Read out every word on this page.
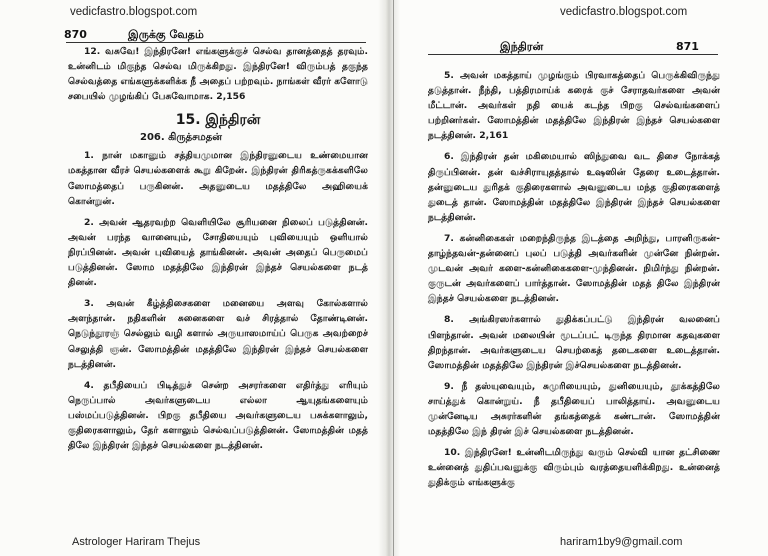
vedicfastro.blogspot.com	vedicfastro.blogspot.com
870	இருக்கு வேதம்

12. வசுவே! இந்திரனே! எங்களுக்குச் செல்வ தானத்தைத் தரவும். உன்னிடம் மிகுந்த செல்வ மிருக்கிறது. இந்திரனே! விரும்பத் தகுந்த செல்வத்தை எங்களுக்களிக்க நீ அதைப் பற்றவும். நாங்கள் வீரர் களோடு சபையில் முழங்கிப் பேசுவோமாக. 2,156

15. இந்திரன்
206. கிருத்சமதன்

1. நான் மகானும் சத்தியமுமான இந்திரனுடைய உண்மையான மகத்தான வீரச் செயல்களைக் கூறு கிறேன். இந்திரன் திரிகத்ருகக்களிலே ஸோமத்தைப் பருகினன். அதனுடைய மதத்திலே அஹியைக் கொன்றுன்.

2. அவன் ஆதரவற்ற வெளியிலே சூரியனை நிலைப் படுத்தினன். அவன் பரந்த வானையும், சோதியையும் புவியையும் ஒளியால் நிரப்பினன். அவன் புவியைத் தாங்கினன். அவன் அதைப் பெருமைப் படுத்தினன். ஸோம மதத்திலே இந்திரன் இந்தச் செயல்களை நடத் தினன்.

3. அவன் கீழ்த்திசைகளை மனையை அளவு கோல்களால் அளந்தான். நதிகளின் சுனைகளை வச் சிரத்தால் தோண்டினன். நெடுந்தூரஞ் செல்லும் வழி களால் அருயாஸமாய்ப் பெருக அவற்றைச் செலுத்தி ஞன். ஸோமத்தின் மதத்திலே இந்திரன் இந்தச் செயல்களை நடத்தினன்.

4. தபீதியைப் பிடித்துச் சென்ற அசரர்களை எதிர்த்து எரியும் நெருப்பால் அவர்களுடைய எல்லா ஆயுதங்களையும் பஸ்மப்படுத்தினன். பிறகு தபீதியை அவர்களுடைய பசுக்களாலும், குதிரைகளாலும், தேர் களாலும் செல்வப்படுத்தினன். ஸோமத்தின் மதத் திலே இந்திரன் இந்தச் செயல்களை நடத்தினன்.

இந்திரன்	871

5. அவன் மகத்தாய் முழங்கும் பிரவாகத்தைப் பெருக்கிவிருந்து தடுத்தான். நீந்தி, பத்திரமாய்க் கரைக் குச் சேராதவர்களை அவன் மீட்டான். அவர்கள் நதி யைக் கடந்த பிறகு செல்வங்களைப் பற்றினர்கள். ஸோமத்தின் மதத்திலே இந்திரன் இந்தச் செயல்களை நடத்தினன். 2,161

6. இந்திரன் தன் மகிமையால் ஸிந்துவை வட திசை நோக்கத் திருப்பினன். தன் வச்சிராயுதத்தால் உஷஸின் தேரை உடைத்தான். தன்னுடைய துரிதக் குதிரைகளால் அவனுடைய மந்த குதிரைகளைத் துடைத் தான். ஸோமத்தின் மதத்திலே இந்திரன் இந்தச் செயல்களை நடத்தினன்.

7. கன்னிகைகள் மறைந்திருந்த இடத்தை அறிந்து, பாரனிருகன்-தாழ்ந்தவன்-தன்னைப் புலப் படுத்தி அவர்களின் முன்னே நின்றன். முடவன் அவர் களை-கன்னிகைகளை-முந்தினன். நிமிர்ந்து நின்றன். குருடன் அவர்களைப் பார்த்தான். ஸோமத்தின் மதத் திலே இந்திரன் இந்தச் செயல்களை நடத்தினன்.

8. அங்கிரஸர்களால் துதிக்கப்பட்டு இந்திரன் வலனைப் பிளந்தான். அவன் மலையின் மூடப்பட் டிருந்த திரமான கதவுகளை திறந்தான். அவர்களுடைய செயற்கைத் தடைகளை உடைத்தான். ஸோமத்தின் மதத்திலே இந்திரன் இச்செயல்களை நடத்தினன்.

9. நீ தஸ்யுவையும், சுமுரியையும், துனியையும், தூக்கத்திலே சாய்த்துக் கொன்றுய். நீ தபீதியைப் பாலித்தாய். அவனுடைய முன்னேடிய அசுரர்களின் தங்கத்தைக் கண்டான். ஸோமத்தின் மதத்திலே இந் திரன் இச் செயல்களை நடத்தினன்.

10. இந்திரனே! உன்னிடமிருந்து வரும் செல்வி யான தட்சிணை உன்னைத் துதிப்பவனுக்கு விரும்பும் வரத்தையளிக்கிறது. உன்னைத் துதிக்கும் எங்களுக்கு

Astrologer Hariram Thejus	hariram1by9@gmail.com
